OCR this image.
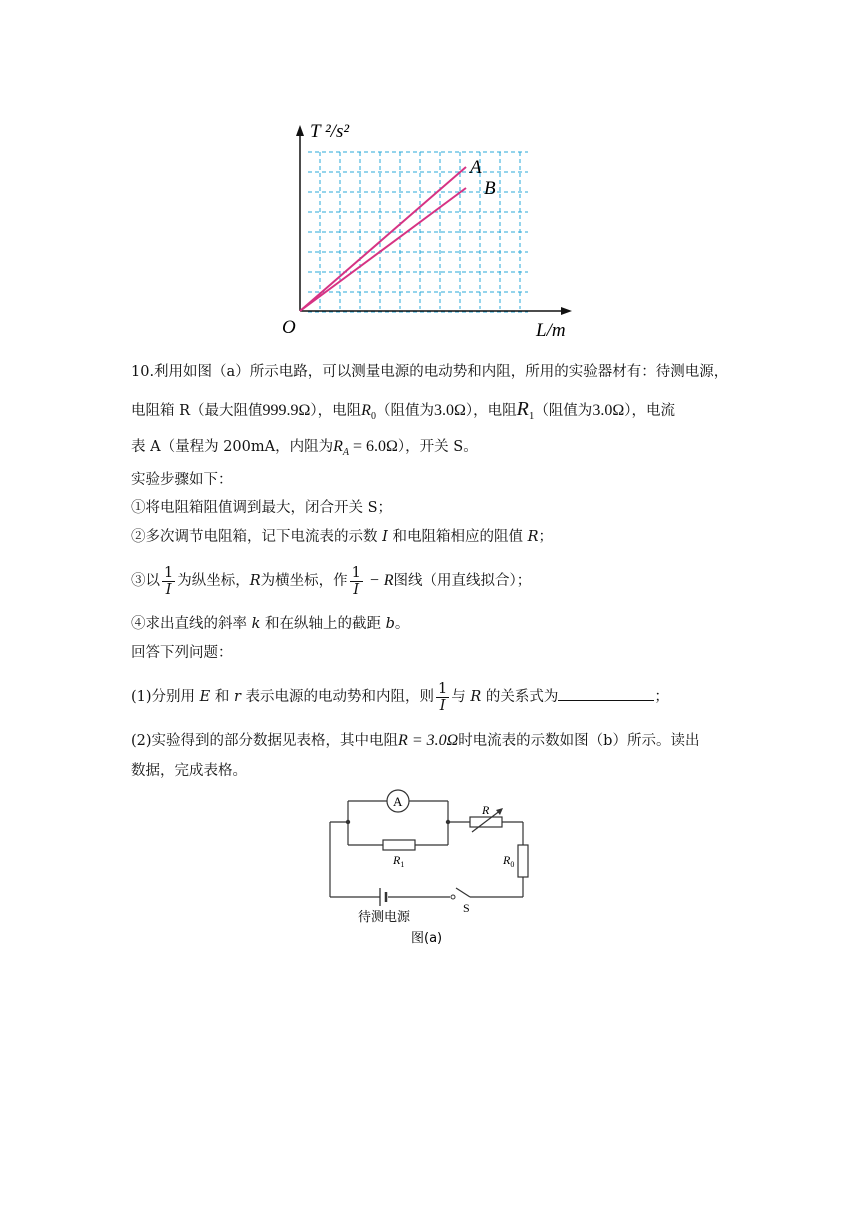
T ²/s²
L/m
O
A
B
10.利用如图（a）所示电路，可以测量电源的电动势和内阻，所用的实验器材有：待测电源，
电阻箱 R（最大阻值999.9Ω），电阻$R_0$（阻值为3.0Ω），电阻$R_1$（阻值为3.0Ω），电流
表 A（量程为 200mA，内阻为$R_A = 6.0\Omega$），开关 S。
实验步骤如下：
①将电阻箱阻值调到最大，闭合开关 S；
②多次调节电阻箱，记下电流表的示数 I 和电阻箱相应的阻值 R；
③以 $\frac{1}{I}$ 为纵坐标，R为横坐标，作 $\frac{1}{I} - R$图线（用直线拟合）；
④求出直线的斜率 k 和在纵轴上的截距 b。
回答下列问题：
(1)分别用 E 和 r 表示电源的电动势和内阻，则 $\frac{1}{I}$ 与 R 的关系式为	；
(2)实验得到的部分数据见表格，其中电阻R = 3.0Ω时电流表的示数如图（b）所示。读出
数据，完成表格。
A
R
$R_1$	$R_0$
S
待测电源
图(a)
